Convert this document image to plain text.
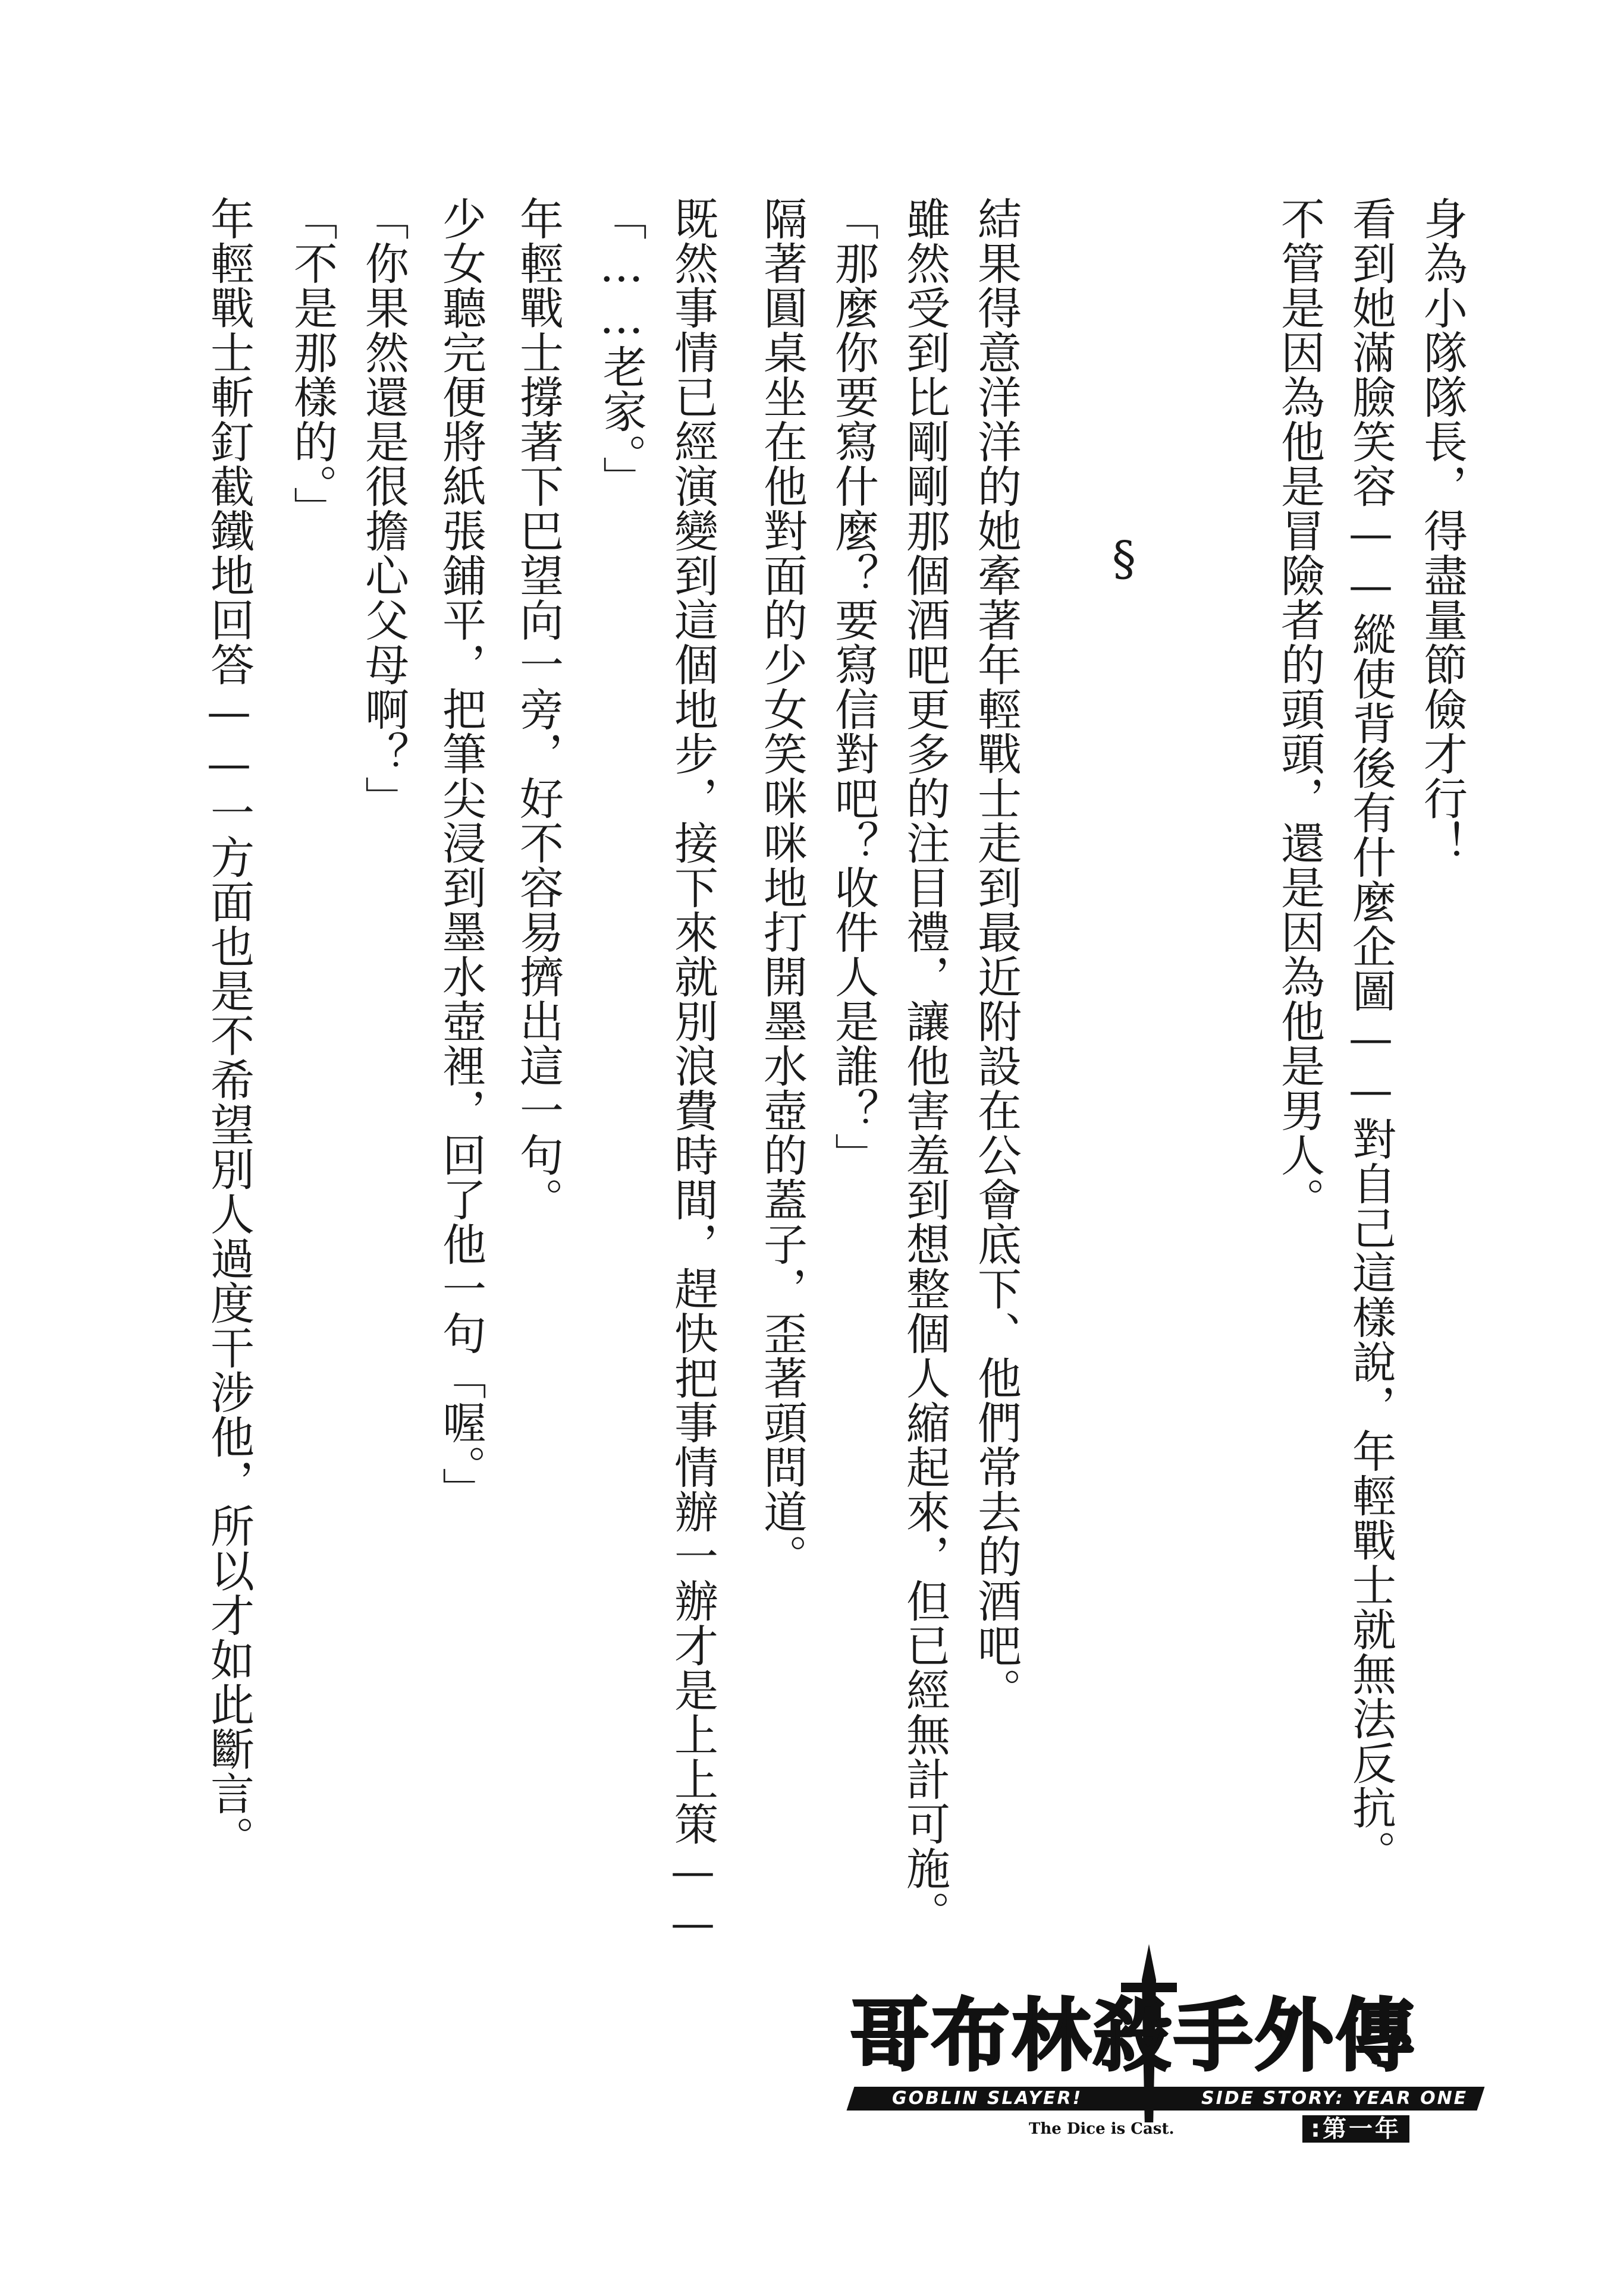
身為小隊隊長，得盡量節儉才行！
看到她滿臉笑容——縱使背後有什麼企圖——對自己這樣說，年輕戰士就無法反抗。
不管是因為他是冒險者的頭頭，還是因為他是男人。
§
結果得意洋洋的她牽著年輕戰士走到最近附設在公會底下、他們常去的酒吧。
雖然受到比剛剛那個酒吧更多的注目禮，讓他害羞到想整個人縮起來，但已經無計可施。
「那麼你要寫什麼？要寫信對吧？收件人是誰？」
隔著圓桌坐在他對面的少女笑咪咪地打開墨水壺的蓋子，歪著頭問道。
既然事情已經演變到這個地步，接下來就別浪費時間，趕快把事情辦一辦才是上上策——
「……老家。」
年輕戰士撐著下巴望向一旁，好不容易擠出這一句。
少女聽完便將紙張鋪平，把筆尖浸到墨水壺裡，回了他一句「喔。」
「你果然還是很擔心父母啊？」
「不是那樣的。」
年輕戰士斬釘截鐵地回答——一方面也是不希望別人過度干涉他，所以才如此斷言。
哥布林殺手外傳
GOBLIN SLAYER!	SIDE STORY: YEAR ONE
The Dice is Cast.	:第一年
